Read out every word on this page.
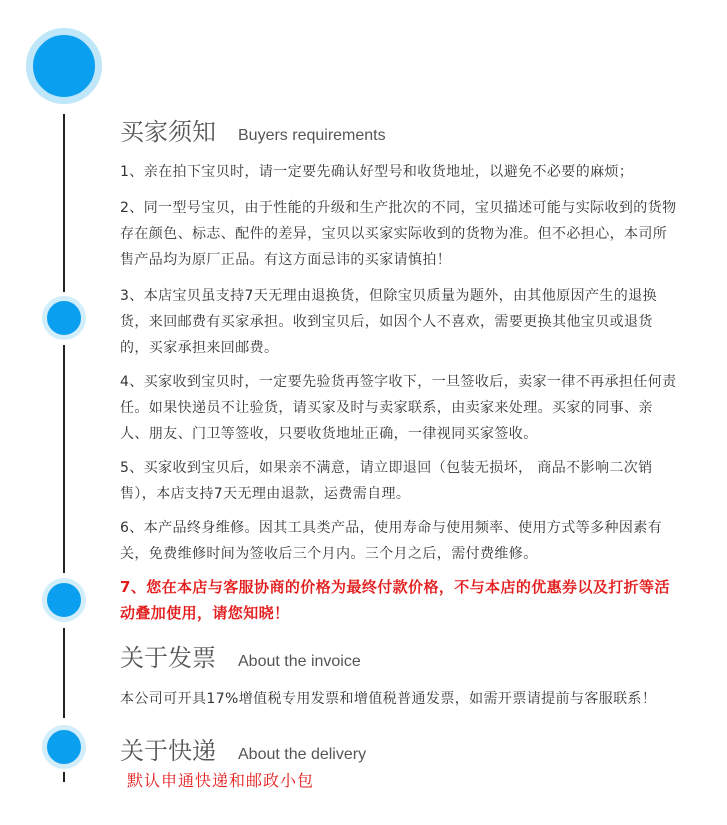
买家须知 Buyers requirements
1、亲在拍下宝贝时，请一定要先确认好型号和收货地址，以避免不必要的麻烦；
2、同一型号宝贝，由于性能的升级和生产批次的不同，宝贝描述可能与实际收到的货物存在颜色、标志、配件的差异，宝贝以买家实际收到的货物为准。但不必担心，本司所售产品均为原厂正品。有这方面忌讳的买家请慎拍！
3、本店宝贝虽支持7天无理由退换货，但除宝贝质量为题外，由其他原因产生的退换货，来回邮费有买家承担。收到宝贝后，如因个人不喜欢，需要更换其他宝贝或退货的，买家承担来回邮费。
4、买家收到宝贝时，一定要先验货再签字收下，一旦签收后，卖家一律不再承担任何责任。如果快递员不让验货，请买家及时与卖家联系，由卖家来处理。买家的同事、亲人、朋友、门卫等签收，只要收货地址正确，一律视同买家签收。
5、买家收到宝贝后，如果亲不满意，请立即退回（包装无损坏， 商品不影响二次销售），本店支持7天无理由退款，运费需自理。
6、本产品终身维修。因其工具类产品，使用寿命与使用频率、使用方式等多种因素有关，免费维修时间为签收后三个月内。三个月之后，需付费维修。
7、您在本店与客服协商的价格为最终付款价格，不与本店的优惠券以及打折等活动叠加使用，请您知晓！
关于发票 About the invoice
本公司可开具17%增值税专用发票和增值税普通发票，如需开票请提前与客服联系！
关于快递 About the delivery
默认申通快递和邮政小包
